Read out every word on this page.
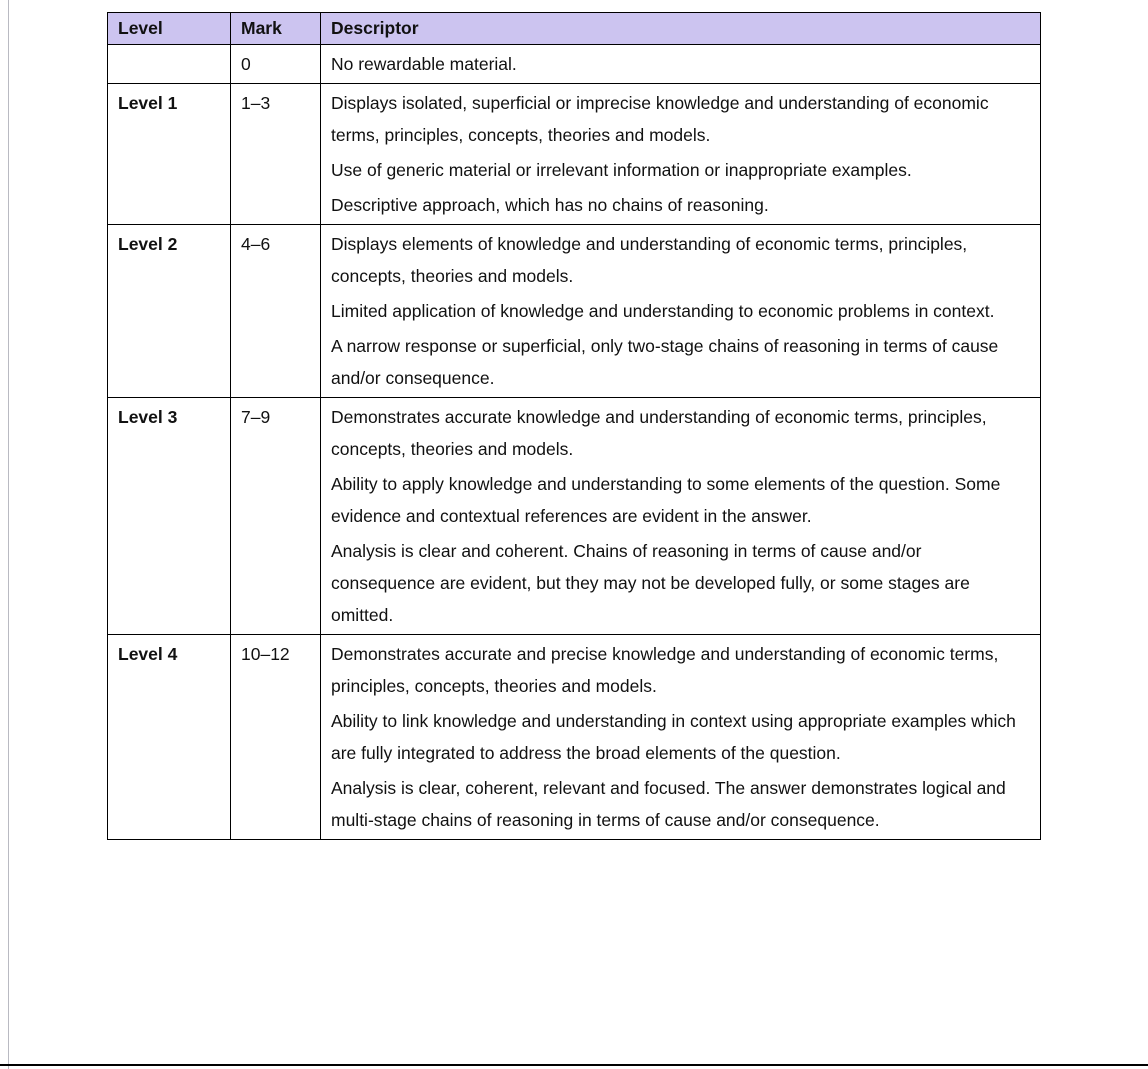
Level	Mark	Descriptor
	0	No rewardable material.

Level 1	1–3	Displays isolated, superficial or imprecise knowledge and understanding of economic terms, principles, concepts, theories and models.

Use of generic material or irrelevant information or inappropriate examples.

Descriptive approach, which has no chains of reasoning.

Level 2	4–6	Displays elements of knowledge and understanding of economic terms, principles, concepts, theories and models.

Limited application of knowledge and understanding to economic problems in context.

A narrow response or superficial, only two-stage chains of reasoning in terms of cause and/or consequence.

Level 3	7–9	Demonstrates accurate knowledge and understanding of economic terms, principles, concepts, theories and models.

Ability to apply knowledge and understanding to some elements of the question. Some evidence and contextual references are evident in the answer.

Analysis is clear and coherent. Chains of reasoning in terms of cause and/or consequence are evident, but they may not be developed fully, or some stages are omitted.

Level 4	10–12	Demonstrates accurate and precise knowledge and understanding of economic terms, principles, concepts, theories and models.

Ability to link knowledge and understanding in context using appropriate examples which are fully integrated to address the broad elements of the question.

Analysis is clear, coherent, relevant and focused. The answer demonstrates logical and multi-stage chains of reasoning in terms of cause and/or consequence.
